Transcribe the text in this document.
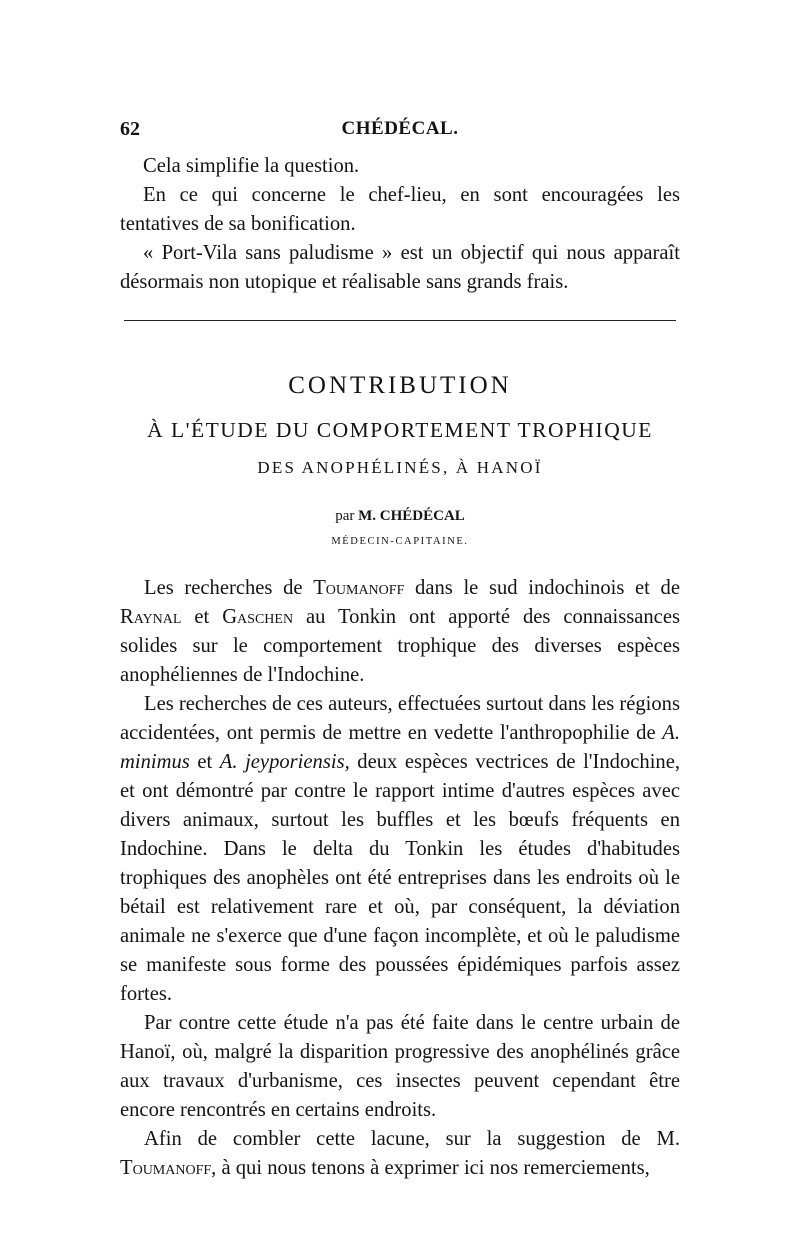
62	CHÉDÉCAL.

Cela simplifie la question.

En ce qui concerne le chef-lieu, en sont encouragées les tentatives de sa bonification.

« Port-Vila sans paludisme » est un objectif qui nous apparaît désormais non utopique et réalisable sans grands frais.

CONTRIBUTION
À L'ÉTUDE DU COMPORTEMENT TROPHIQUE
DES ANOPHÉLINÉS, À HANOÏ
par M. CHÉDÉCAL
MÉDECIN-CAPITAINE.

Les recherches de Toumanoff dans le sud indochinois et de Raynal et Gaschen au Tonkin ont apporté des connaissances solides sur le comportement trophique des diverses espèces anophéliennes de l'Indochine.

Les recherches de ces auteurs, effectuées surtout dans les régions accidentées, ont permis de mettre en vedette l'anthropophilie de A. minimus et A. jeyporiensis, deux espèces vectrices de l'Indochine, et ont démontré par contre le rapport intime d'autres espèces avec divers animaux, surtout les buffles et les bœufs fréquents en Indochine. Dans le delta du Tonkin les études d'habitudes trophiques des anophèles ont été entreprises dans les endroits où le bétail est relativement rare et où, par conséquent, la déviation animale ne s'exerce que d'une façon incomplète, et où le paludisme se manifeste sous forme des poussées épidémiques parfois assez fortes.

Par contre cette étude n'a pas été faite dans le centre urbain de Hanoï, où, malgré la disparition progressive des anophélinés grâce aux travaux d'urbanisme, ces insectes peuvent cependant être encore rencontrés en certains endroits.

Afin de combler cette lacune, sur la suggestion de M. Toumanoff, à qui nous tenons à exprimer ici nos remerciements,
